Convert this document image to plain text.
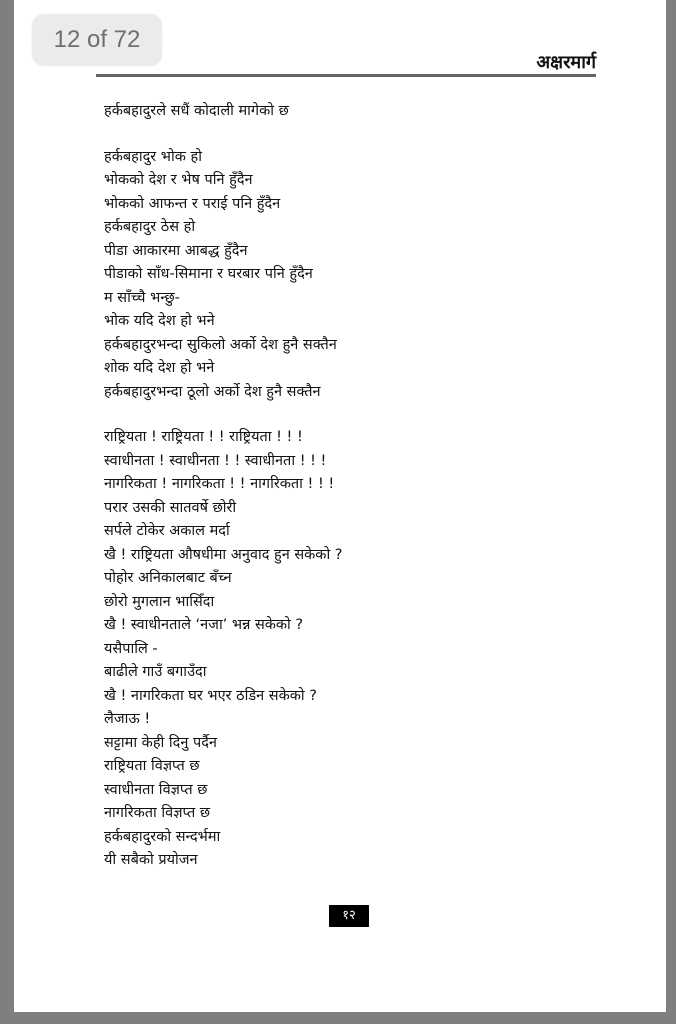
12 of 72
अक्षरमार्ग
हर्कबहादुरले सधैं कोदाली मागेको छ
हर्कबहादुर भोक हो
भोकको देश र भेष पनि हुँदैन
भोकको आफन्त र पराई पनि हुँदैन
हर्कबहादुर ठेस हो
पीडा आकारमा आबद्ध हुँदैन
पीडाको साँध-सिमाना र घरबार पनि हुँदैन
म साँच्चै भन्छु-
भोक यदि देश हो भने
हर्कबहादुरभन्दा सुकिलो अर्को देश हुनै सक्तैन
शोक यदि देश हो भने
हर्कबहादुरभन्दा ठूलो अर्को देश हुनै सक्तैन
राष्ट्रियता ! राष्ट्रियता ! ! राष्ट्रियता ! ! !
स्वाधीनता ! स्वाधीनता ! ! स्वाधीनता ! ! !
नागरिकता ! नागरिकता ! ! नागरिकता ! ! !
परार उसकी सातवर्षे छोरी
सर्पले टोकेर अकाल मर्दा
खै ! राष्ट्रियता औषधीमा अनुवाद हुन सकेको ?
पोहोर अनिकालबाट बँच्न
छोरो मुगलान भासिँदा
खै ! स्वाधीनताले ‘नजा’ भन्न सकेको ?
यसैपालि -
बाढीले गाउँ बगाउँदा
खै ! नागरिकता घर भएर ठडिन सकेको ?
लैजाऊ !
सट्टामा केही दिनु पर्दैन
राष्ट्रियता विज्ञप्त छ
स्वाधीनता विज्ञप्त छ
नागरिकता विज्ञप्त छ
हर्कबहादुरको सन्दर्भमा
यी सबैको प्रयोजन
१२
